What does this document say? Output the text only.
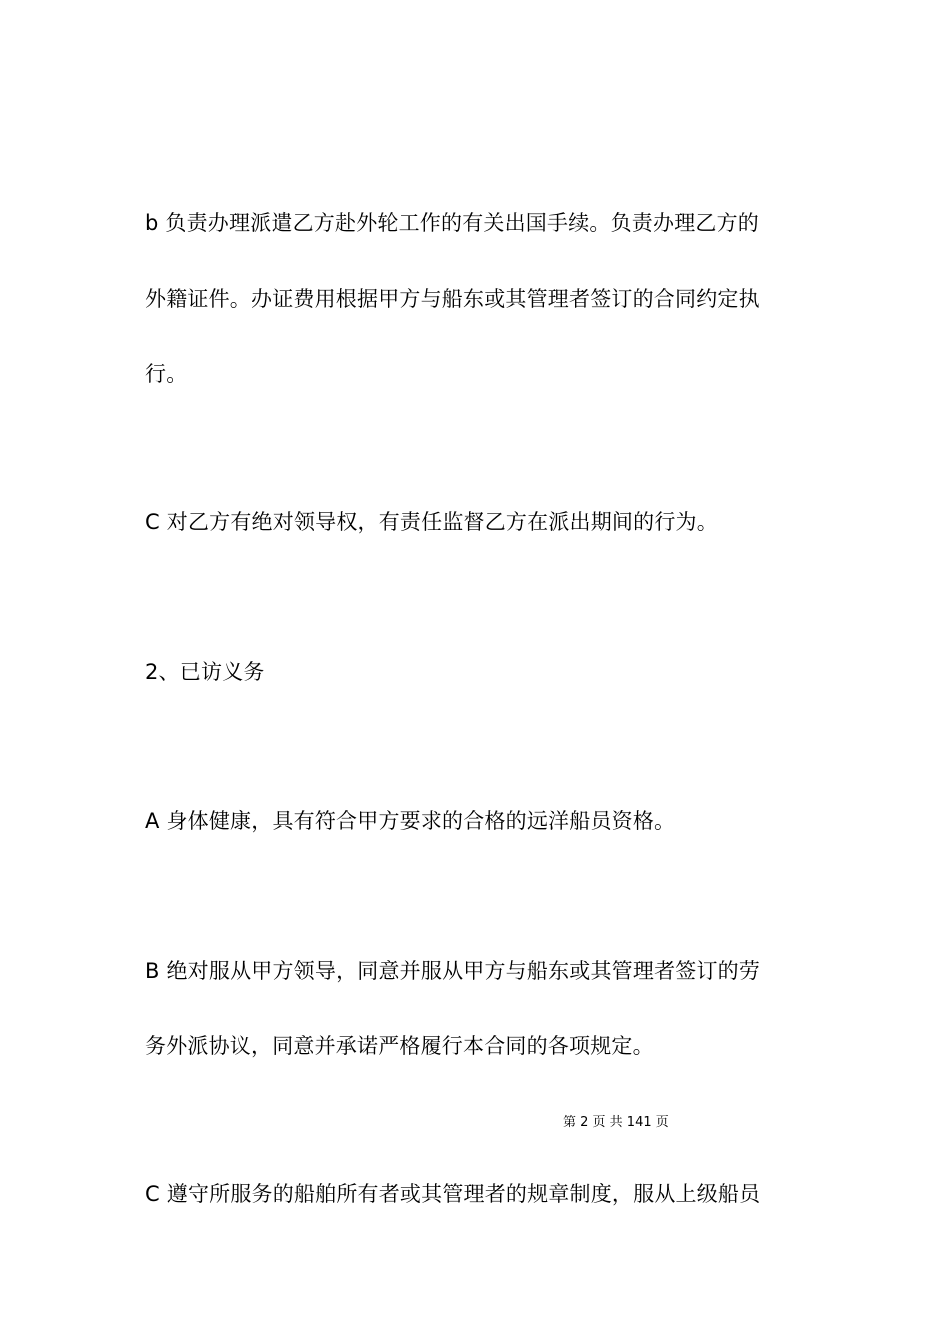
b 负责办理派遣乙方赴外轮工作的有关出国手续。负责办理乙方的
外籍证件。办证费用根据甲方与船东或其管理者签订的合同约定执
行。
C 对乙方有绝对领导权，有责任监督乙方在派出期间的行为。
2、已访义务
A 身体健康，具有符合甲方要求的合格的远洋船员资格。
B 绝对服从甲方领导，同意并服从甲方与船东或其管理者签订的劳
务外派协议，同意并承诺严格履行本合同的各项规定。
第 2 页 共 141 页
C 遵守所服务的船舶所有者或其管理者的规章制度，服从上级船员
